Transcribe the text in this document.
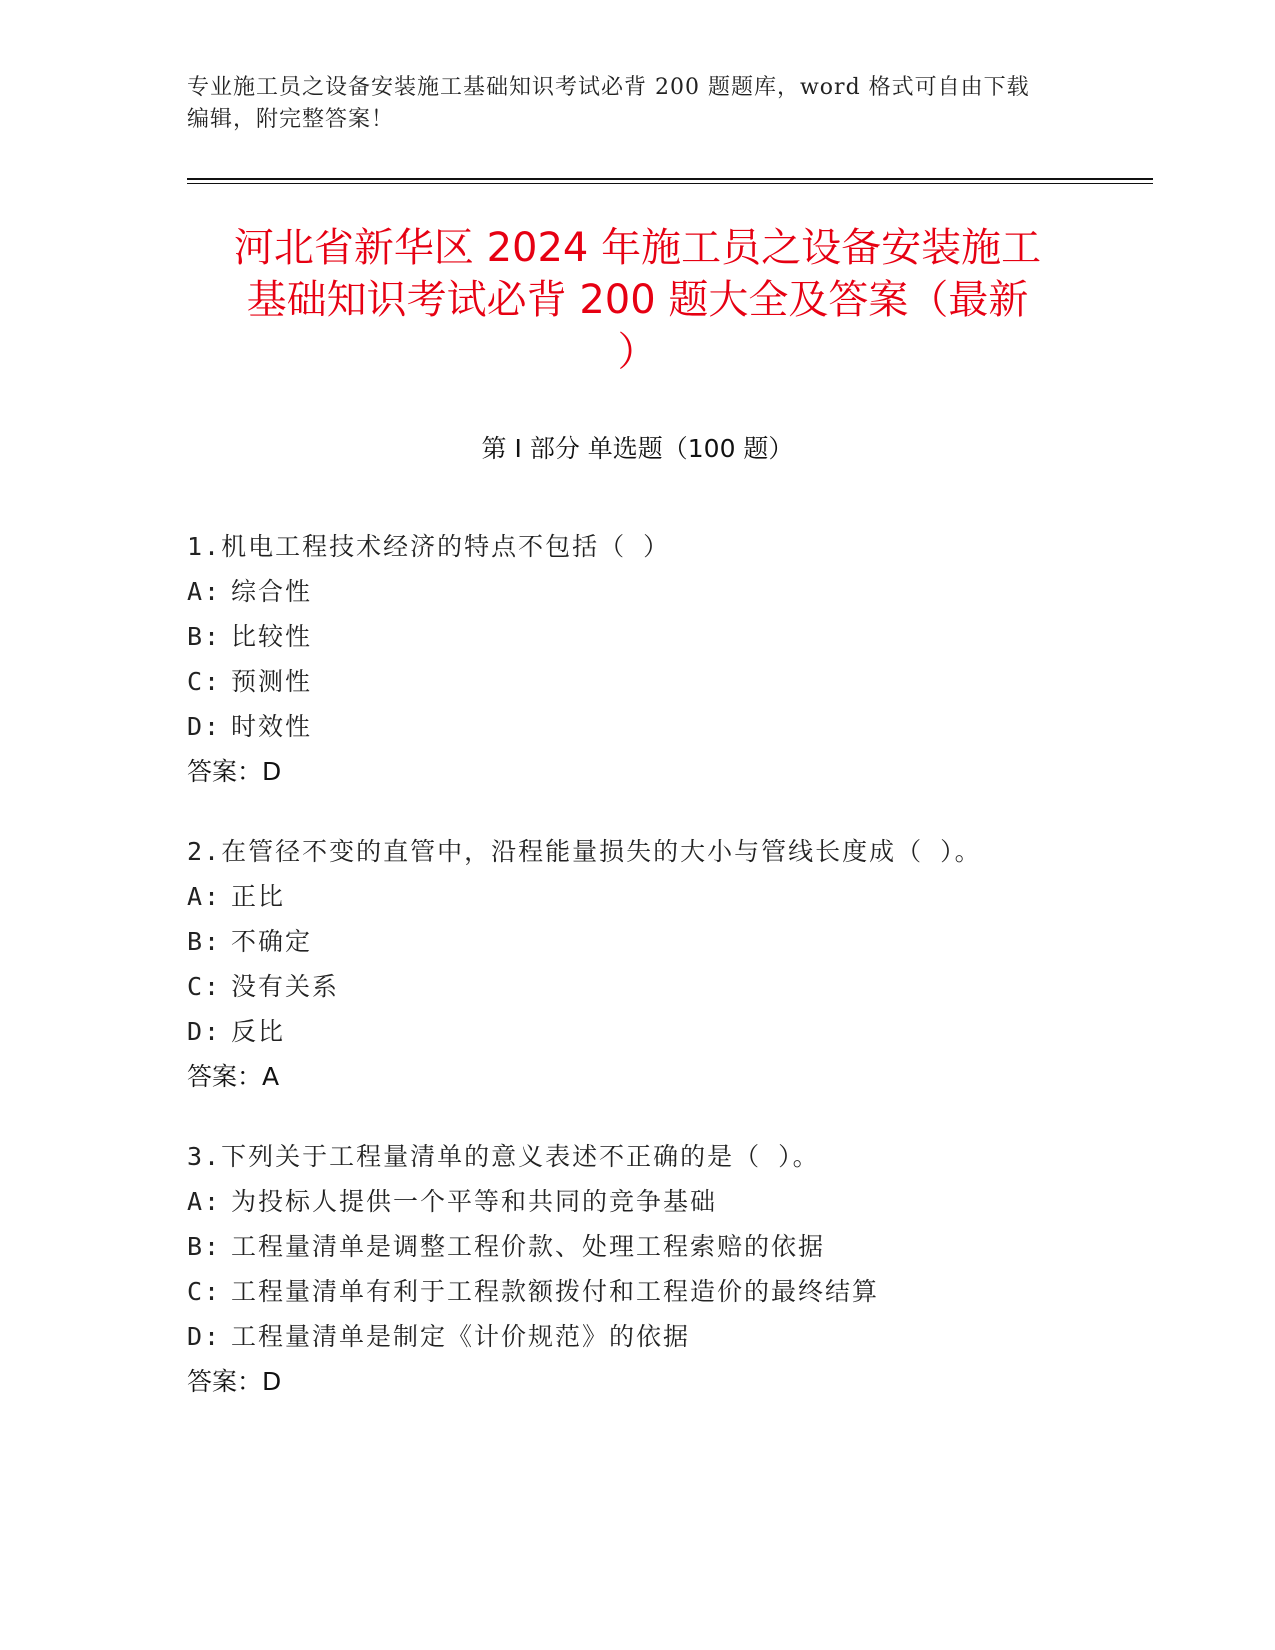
专业施工员之设备安装施工基础知识考试必背 200 题题库，word 格式可自由下载
编辑，附完整答案！
河北省新华区 2024 年施工员之设备安装施工
基础知识考试必背 200 题大全及答案（最新
）
第 I 部分 单选题（100 题）
1.机电工程技术经济的特点不包括（ ）
A: 综合性
B: 比较性
C: 预测性
D: 时效性
答案：D
2.在管径不变的直管中，沿程能量损失的大小与管线长度成（ ）。
A: 正比
B: 不确定
C: 没有关系
D: 反比
答案：A
3.下列关于工程量清单的意义表述不正确的是（ ）。
A: 为投标人提供一个平等和共同的竞争基础
B: 工程量清单是调整工程价款、处理工程索赔的依据
C: 工程量清单有利于工程款额拨付和工程造价的最终结算
D: 工程量清单是制定《计价规范》的依据
答案：D
